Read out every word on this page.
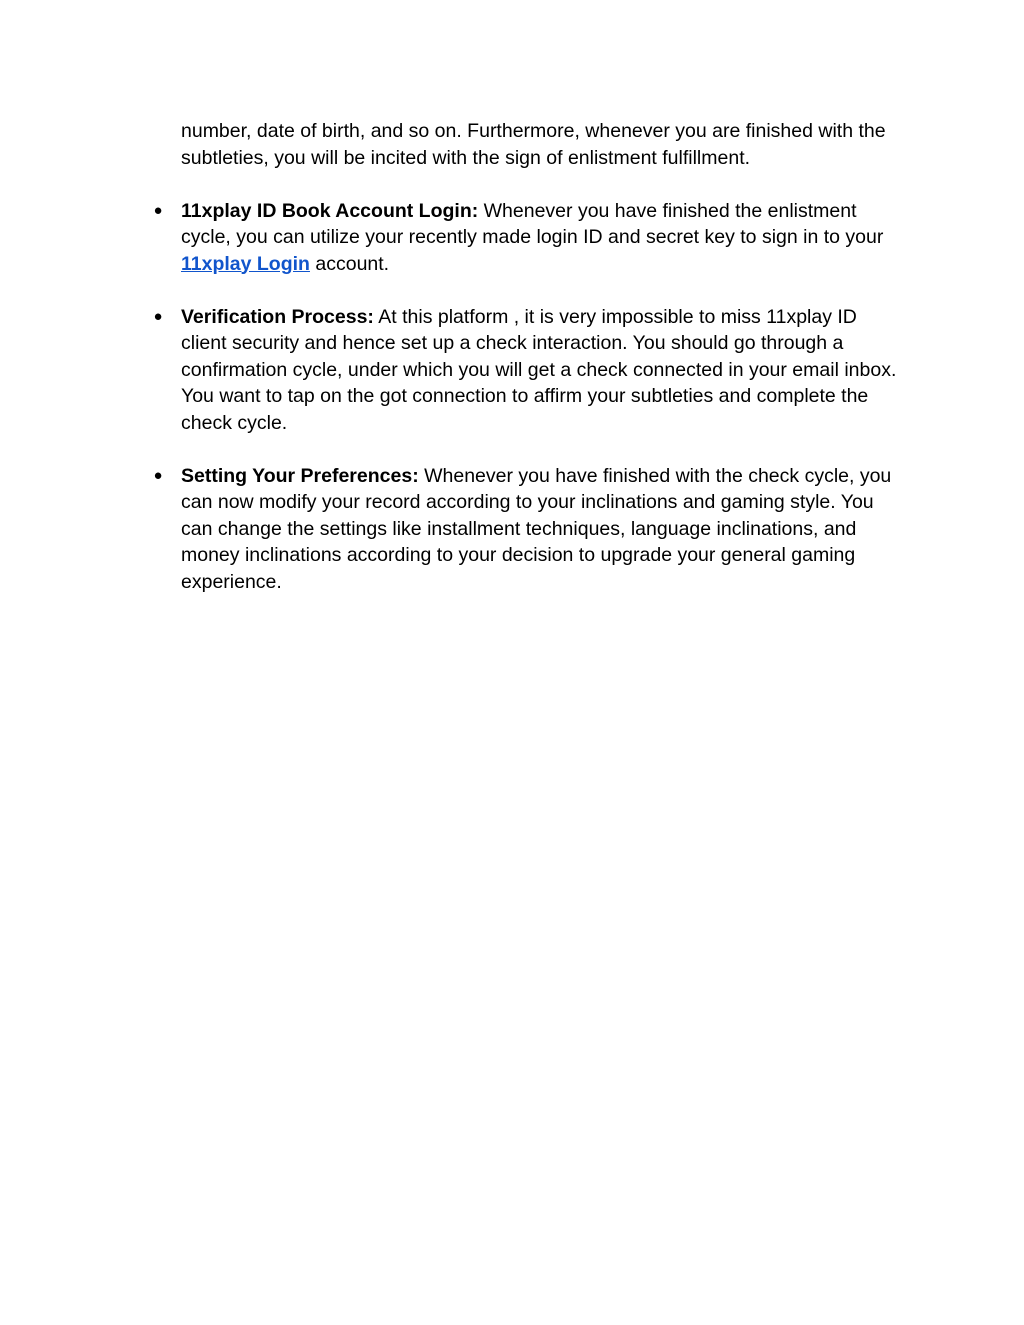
number, date of birth, and so on. Furthermore, whenever you are finished with the subtleties, you will be incited with the sign of enlistment fulfillment.

● 11xplay ID Book Account Login: Whenever you have finished the enlistment cycle, you can utilize your recently made login ID and secret key to sign in to your 11xplay Login account.
● Verification Process: At this platform , it is very impossible to miss 11xplay ID client security and hence set up a check interaction. You should go through a confirmation cycle, under which you will get a check connected in your email inbox. You want to tap on the got connection to affirm your subtleties and complete the check cycle.
● Setting Your Preferences: Whenever you have finished with the check cycle, you can now modify your record according to your inclinations and gaming style. You can change the settings like installment techniques, language inclinations, and money inclinations according to your decision to upgrade your general gaming experience.
